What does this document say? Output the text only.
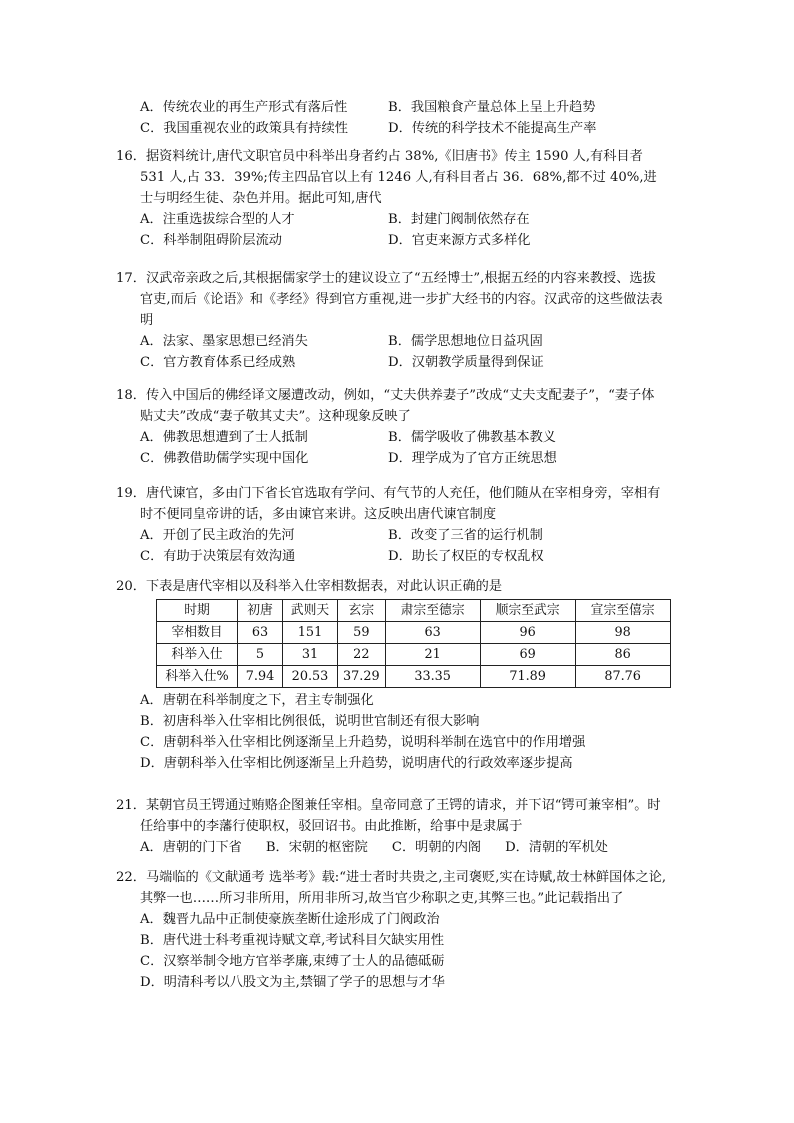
A．传统农业的再生产形式有落后性	B．我国粮食产量总体上呈上升趋势
C．我国重视农业的政策具有持续性	D．传统的科学技术不能提高生产率

16．据资料统计,唐代文职官员中科举出身者约占 38%,《旧唐书》传主 1590 人,有科目者 531 人,占 33．39%;传主四品官以上有 1246 人,有科目者占 36．68%,都不过 40%,进士与明经生徒、杂色并用。据此可知,唐代

A．注重选拔综合型的人才	B．封建门阀制依然存在
C．科举制阻碍阶层流动	D．官吏来源方式多样化

17．汉武帝亲政之后,其根据儒家学士的建议设立了“五经博士”,根据五经的内容来教授、选拔官吏,而后《论语》和《孝经》得到官方重视,进一步扩大经书的内容。汉武帝的这些做法表明

A．法家、墨家思想已经消失	B．儒学思想地位日益巩固
C．官方教育体系已经成熟	D．汉朝教学质量得到保证

18．传入中国后的佛经译文屡遭改动，例如，“丈夫供养妻子”改成“丈夫支配妻子”，“妻子体贴丈夫”改成“妻子敬其丈夫”。这种现象反映了

A．佛教思想遭到了士人抵制	B．儒学吸收了佛教基本教义
C．佛教借助儒学实现中国化	D．理学成为了官方正统思想

19．唐代谏官，多由门下省长官选取有学问、有气节的人充任，他们随从在宰相身旁，宰相有时不便同皇帝讲的话，多由谏官来讲。这反映出唐代谏官制度

A．开创了民主政治的先河	B．改变了三省的运行机制
C．有助于决策层有效沟通	D．助长了权臣的专权乱权

20．下表是唐代宰相以及科举入仕宰相数据表，对此认识正确的是

时期	初唐	武则天	玄宗	肃宗至德宗	顺宗至武宗	宣宗至僖宗
宰相数目	63	151	59	63	96	98
科举入仕	5	31	22	21	69	86
科举入仕%	7.94	20.53	37.29	33.35	71.89	87.76
A．唐朝在科举制度之下，君主专制强化
B．初唐科举入仕宰相比例很低，说明世官制还有很大影响
C．唐朝科举入仕宰相比例逐渐呈上升趋势，说明科举制在选官中的作用增强
D．唐朝科举入仕宰相比例逐渐呈上升趋势，说明唐代的行政效率逐步提高

21．某朝官员王锷通过贿赂企图兼任宰相。皇帝同意了王锷的请求，并下诏“锷可兼宰相”。时任给事中的李藩行使职权，驳回诏书。由此推断，给事中是隶属于

A．唐朝的门下省 B．宋朝的枢密院 C．明朝的内阁 D．清朝的军机处

22．马端临的《文献通考 选举考》载:“进士者时共贵之,主司褒贬,实在诗赋,故士林鲜国体之论,其弊一也……所习非所用，所用非所习,故当官少称职之吏,其弊三也。”此记载指出了

A．魏晋九品中正制使豪族垄断仕途形成了门阀政治
B．唐代进士科考重视诗赋文章,考试科目欠缺实用性
C．汉察举制令地方官举孝廉,束缚了士人的品德砥砺
D．明清科考以八股文为主,禁锢了学子的思想与才华
